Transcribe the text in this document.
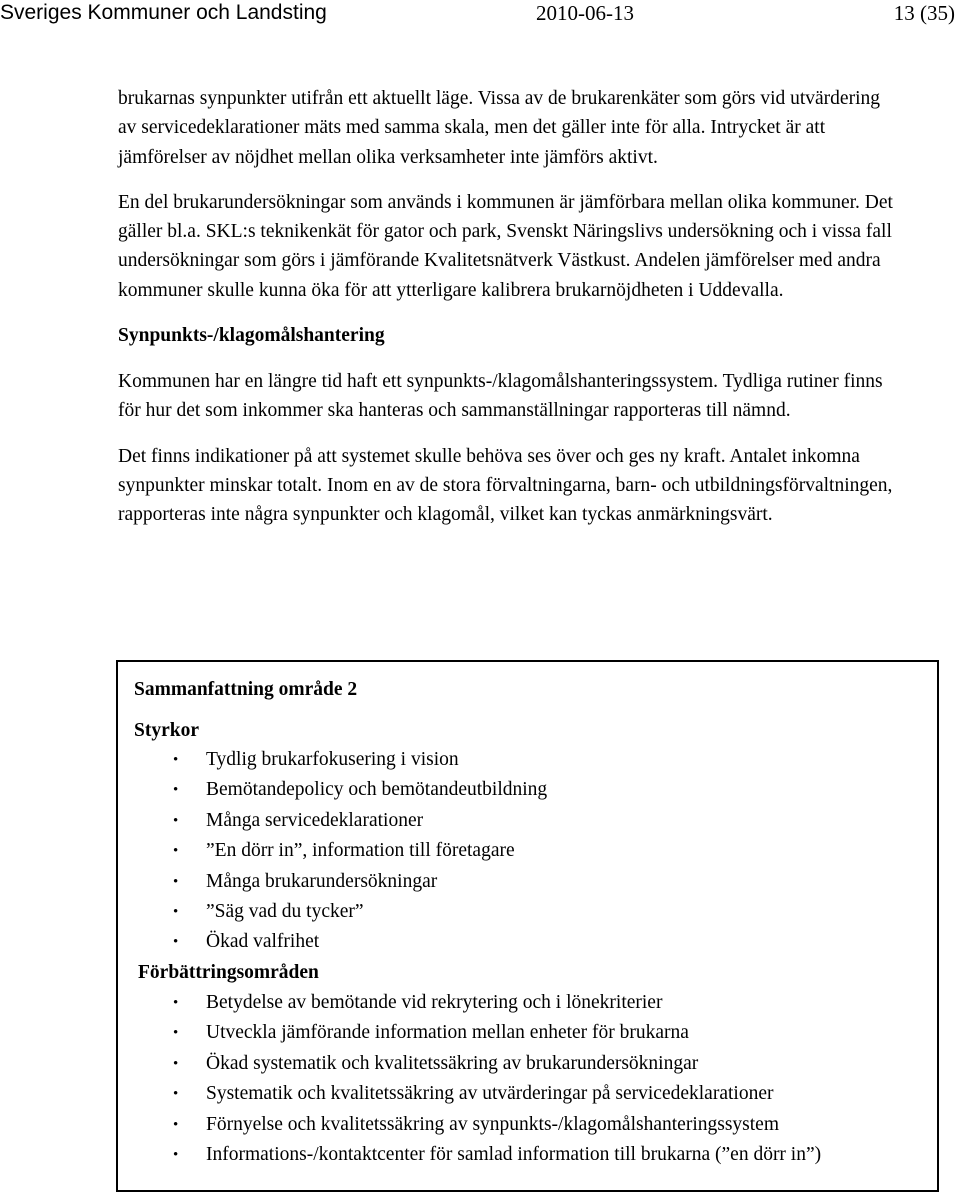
Sveriges Kommuner och Landsting	2010-06-13	13 (35)

brukarnas synpunkter utifrån ett aktuellt läge. Vissa av de brukarenkäter som görs vid utvärdering av servicedeklarationer mäts med samma skala, men det gäller inte för alla. Intrycket är att jämförelser av nöjdhet mellan olika verksamheter inte jämförs aktivt.

En del brukarundersökningar som används i kommunen är jämförbara mellan olika kommuner. Det gäller bl.a. SKL:s teknikenkät för gator och park, Svenskt Näringslivs undersökning och i vissa fall undersökningar som görs i jämförande Kvalitetsnätverk Västkust. Andelen jämförelser med andra kommuner skulle kunna öka för att ytterligare kalibrera brukarnöjdheten i Uddevalla.

Synpunkts-/klagomålshantering

Kommunen har en längre tid haft ett synpunkts-/klagomålshanteringssystem. Tydliga rutiner finns för hur det som inkommer ska hanteras och sammanställningar rapporteras till nämnd.

Det finns indikationer på att systemet skulle behöva ses över och ges ny kraft. Antalet inkomna synpunkter minskar totalt. Inom en av de stora förvaltningarna, barn- och utbildningsförvaltningen, rapporteras inte några synpunkter och klagomål, vilket kan tyckas anmärkningsvärt.

Sammanfattning område 2
Styrkor
• Tydlig brukarfokusering i vision
• Bemötandepolicy och bemötandeutbildning
• Många servicedeklarationer
• ”En dörr in”, information till företagare
• Många brukarundersökningar
• ”Säg vad du tycker”
• Ökad valfrihet
Förbättringsområden
• Betydelse av bemötande vid rekrytering och i lönekriterier
• Utveckla jämförande information mellan enheter för brukarna
• Ökad systematik och kvalitetssäkring av brukarundersökningar
• Systematik och kvalitetssäkring av utvärderingar på servicedeklarationer
• Förnyelse och kvalitetssäkring av synpunkts-/klagomålshanteringssystem
• Informations-/kontaktcenter för samlad information till brukarna (”en dörr in”)
